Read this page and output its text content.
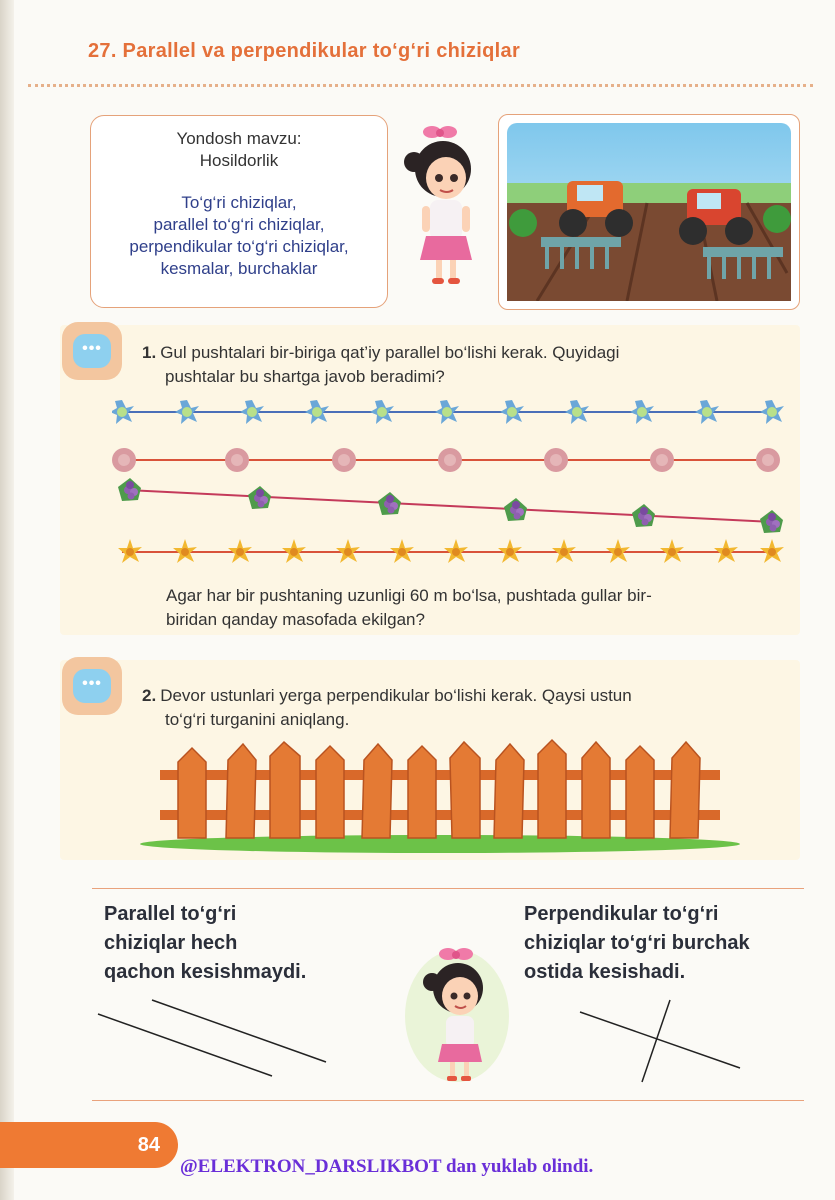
27. Parallel va perpendikular to‘g‘ri chiziqlar
Yondosh mavzu:
Hosildorlik
To‘g‘ri chiziqlar,
parallel to‘g‘ri chiziqlar,
perpendikular to‘g‘ri chiziqlar,
kesmalar, burchaklar
•••	1. Gul pushtalari bir-biriga qat’iy parallel bo‘lishi kerak. Quyidagi
pushtalar bu shartga javob beradimi?
Agar har bir pushtaning uzunligi 60 m bo‘lsa, pushtada gullar bir-
biridan qanday masofada ekilgan?
•••
2. Devor ustunlari yerga perpendikular bo‘lishi kerak. Qaysi ustun
to‘g‘ri turganini aniqlang.
Parallel to‘g‘ri
chiziqlar hech
qachon kesishmaydi.
Perpendikular to‘g‘ri
chiziqlar to‘g‘ri burchak
ostida kesishadi.
84
@ELEKTRON_DARSLIKBOT dan yuklab olindi.
